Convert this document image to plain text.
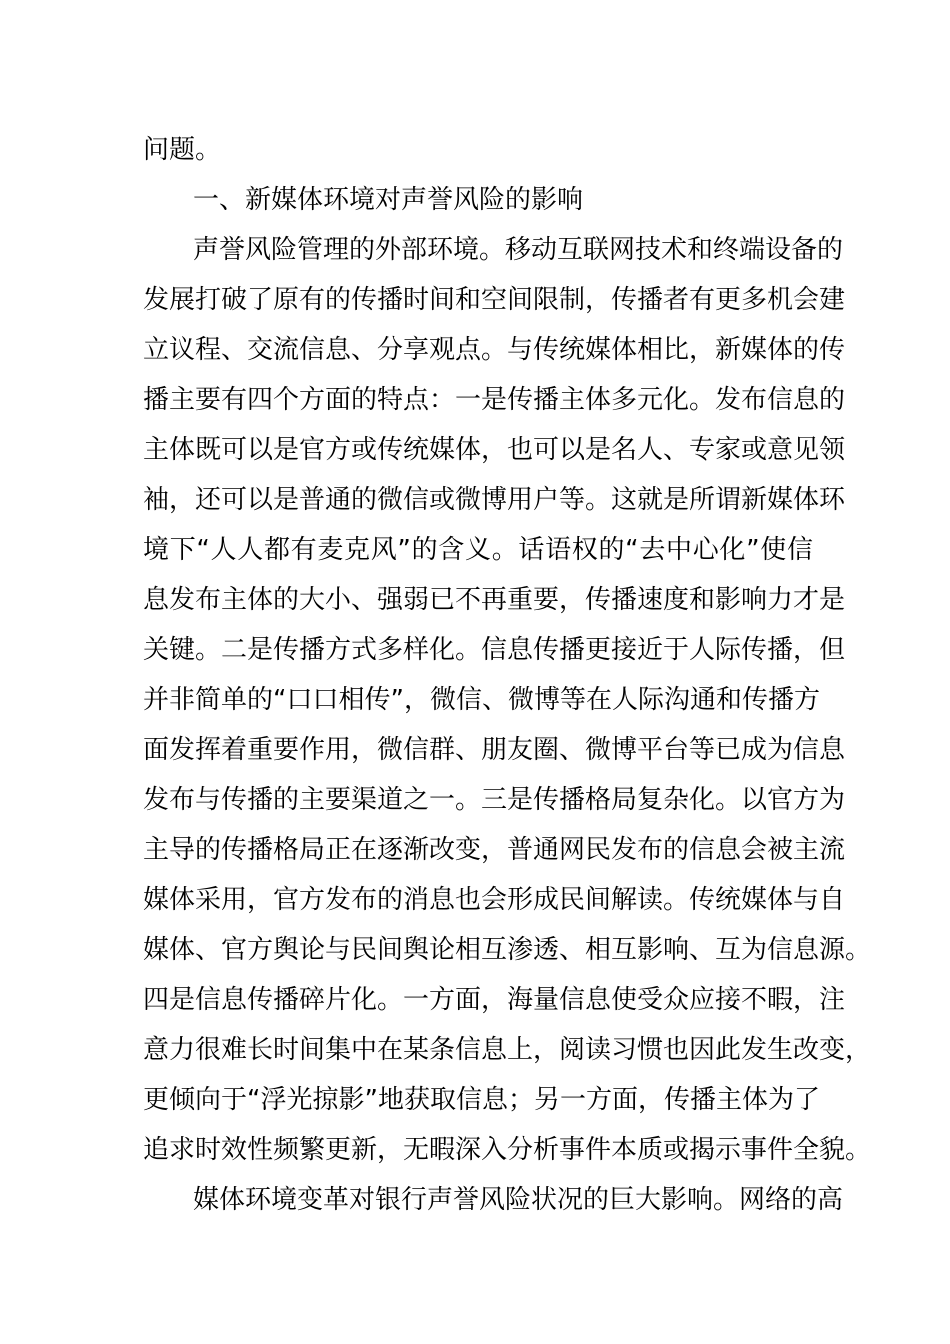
问题。
一、新媒体环境对声誉风险的影响
声誉风险管理的外部环境。移动互联网技术和终端设备的
发展打破了原有的传播时间和空间限制，传播者有更多机会建
立议程、交流信息、分享观点。与传统媒体相比，新媒体的传
播主要有四个方面的特点：一是传播主体多元化。发布信息的
主体既可以是官方或传统媒体，也可以是名人、专家或意见领
袖，还可以是普通的微信或微博用户等。这就是所谓新媒体环
境下“人人都有麦克风”的含义。话语权的“去中心化”使信
息发布主体的大小、强弱已不再重要，传播速度和影响力才是
关键。二是传播方式多样化。信息传播更接近于人际传播，但
并非简单的“口口相传”，微信、微博等在人际沟通和传播方
面发挥着重要作用，微信群、朋友圈、微博平台等已成为信息
发布与传播的主要渠道之一。三是传播格局复杂化。以官方为
主导的传播格局正在逐渐改变，普通网民发布的信息会被主流
媒体采用，官方发布的消息也会形成民间解读。传统媒体与自
媒体、官方舆论与民间舆论相互渗透、相互影响、互为信息源。
四是信息传播碎片化。一方面，海量信息使受众应接不暇，注
意力很难长时间集中在某条信息上，阅读习惯也因此发生改变，
更倾向于“浮光掠影”地获取信息；另一方面，传播主体为了
追求时效性频繁更新，无暇深入分析事件本质或揭示事件全貌。
媒体环境变革对银行声誉风险状况的巨大影响。网络的高
